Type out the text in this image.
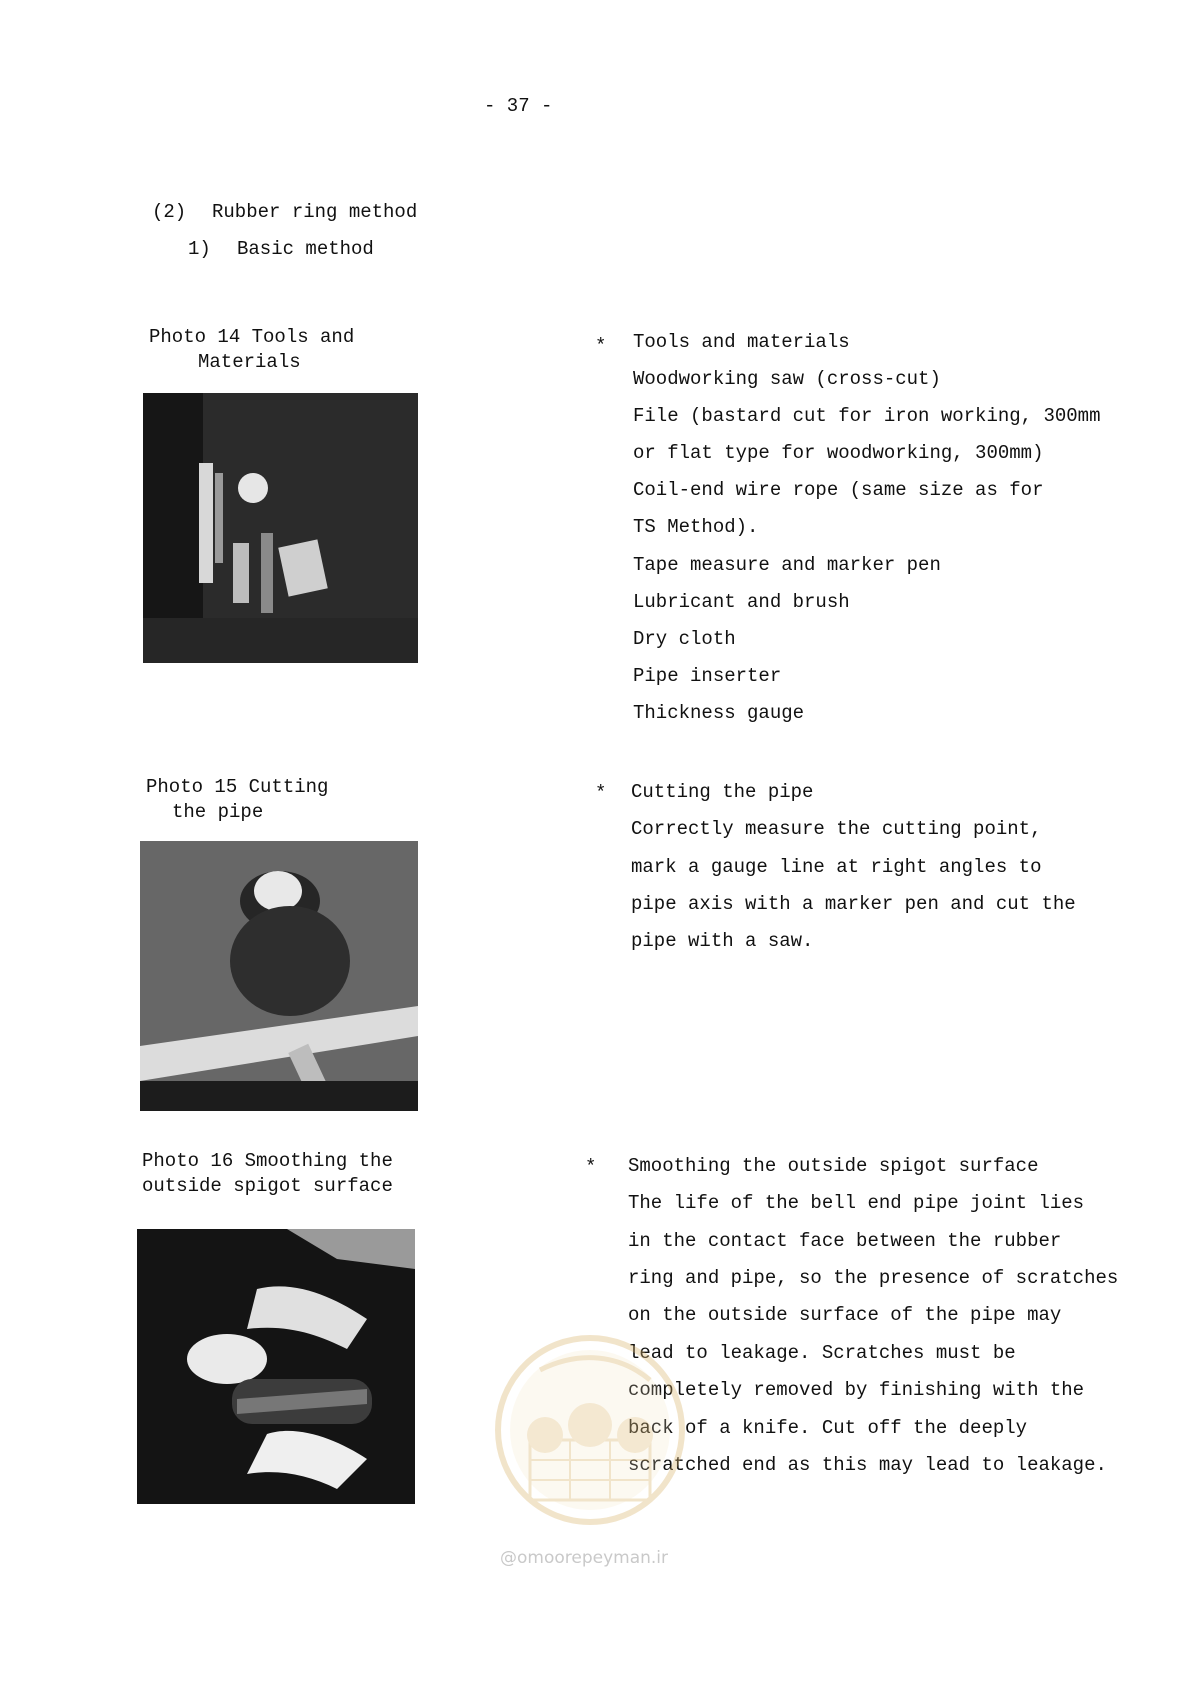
- 37 -
(2) Rubber ring method
1) Basic method
Photo 14 Tools and
Materials
* Tools and materials
Woodworking saw (cross-cut)
File (bastard cut for iron working, 300mm
or flat type for woodworking, 300mm)
Coil-end wire rope (same size as for
TS Method).
Tape measure and marker pen
Lubricant and brush
Dry cloth
Pipe inserter
Thickness gauge
Photo 15 Cutting
the pipe
* Cutting the pipe
Correctly measure the cutting point,
mark a gauge line at right angles to
pipe axis with a marker pen and cut the
pipe with a saw.
Photo 16 Smoothing the
outside spigot surface
* Smoothing the outside spigot surface
The life of the bell end pipe joint lies
in the contact face between the rubber
ring and pipe, so the presence of scratches
on the outside surface of the pipe may
lead to leakage. Scratches must be
completely removed by finishing with the
back of a knife. Cut off the deeply
scratched end as this may lead to leakage.
@omoorepeyman.ir
